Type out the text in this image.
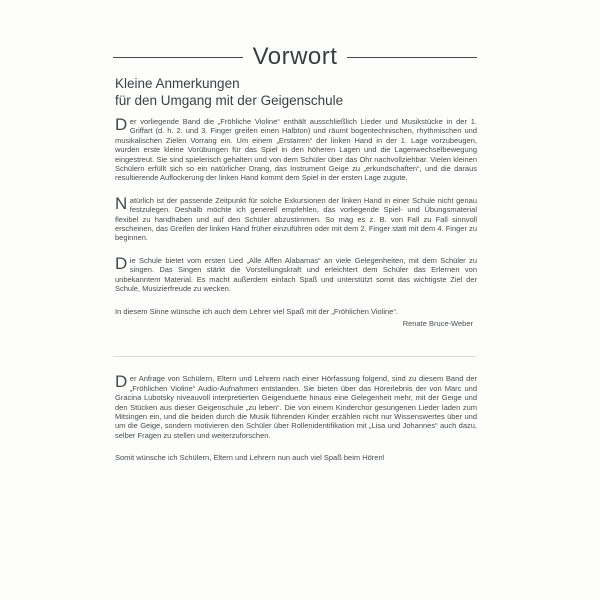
Vorwort
Kleine Anmerkungen
für den Umgang mit der Geigenschule

Der vorliegende Band die „Fröhliche Violine“ enthält ausschließlich Lieder und Musikstücke in der 1. Griffart (d. h. 2. und 3. Finger greifen einen Halbton) und räumt bogentechnischen, rhythmischen und musikalischen Zielen Vorrang ein. Um einem „Erstarren“ der linken Hand in der 1. Lage vorzubeugen, wurden erste kleine Vorübungen für das Spiel in den höheren Lagen und die Lagenwechselbewegung eingestreut. Sie sind spielerisch gehalten und von dem Schüler über das Ohr nachvollziehbar. Vielen kleinen Schülern erfüllt sich so ein natürlicher Drang, das Instrument Geige zu „erkundschaften“, und die daraus resultierende Auflockerung der linken Hand kommt dem Spiel in der ersten Lage zugute.

Natürlich ist der passende Zeitpunkt für solche Exkursionen der linken Hand in einer Schule nicht genau festzulegen. Deshalb möchte ich generell empfehlen, das vorliegende Spiel- und Übungsmaterial flexibel zu handhaben und auf den Schüler abzustimmen. So mag es z. B. von Fall zu Fall sinnvoll erscheinen, das Greifen der linken Hand früher einzuführen oder mit dem 2. Finger statt mit dem 4. Finger zu beginnen.

Die Schule bietet vom ersten Lied „Alle Affen Alabamas“ an viele Gelegenheiten, mit dem Schüler zu singen. Das Singen stärkt die Vorstellungskraft und erleichtert dem Schüler das Erlernen von unbekanntem Material. Es macht außerdem einfach Spaß und unterstützt somit das wichtigste Ziel der Schule, Musizierfreude zu wecken.

In diesem Sinne wünsche ich auch dem Lehrer viel Spaß mit der „Fröhlichen Violine“.

Renate Bruce-Weber

Der Anfrage von Schülern, Eltern und Lehrern nach einer Hörfassung folgend, sind zu diesem Band der „Fröhlichen Violine“ Audio-Aufnahmen entstanden. Sie bieten über das Hörerlebnis der von Marc und Gracina Lubotsky niveauvoll interpretierten Geigenduette hinaus eine Gelegenheit mehr, mit der Geige und den Stücken aus dieser Geigenschule „zu leben“. Die von einem Kinderchor gesungenen Lieder laden zum Mitsingen ein, und die beiden durch die Musik führenden Kinder erzählen nicht nur Wissenswertes über und um die Geige, sondern motivieren den Schüler über Rollenidentifikation mit „Lisa und Johannes“ auch dazu, selber Fragen zu stellen und weiterzuforschen.

Somit wünsche ich Schülern, Eltern und Lehrern nun auch viel Spaß beim Hören!
